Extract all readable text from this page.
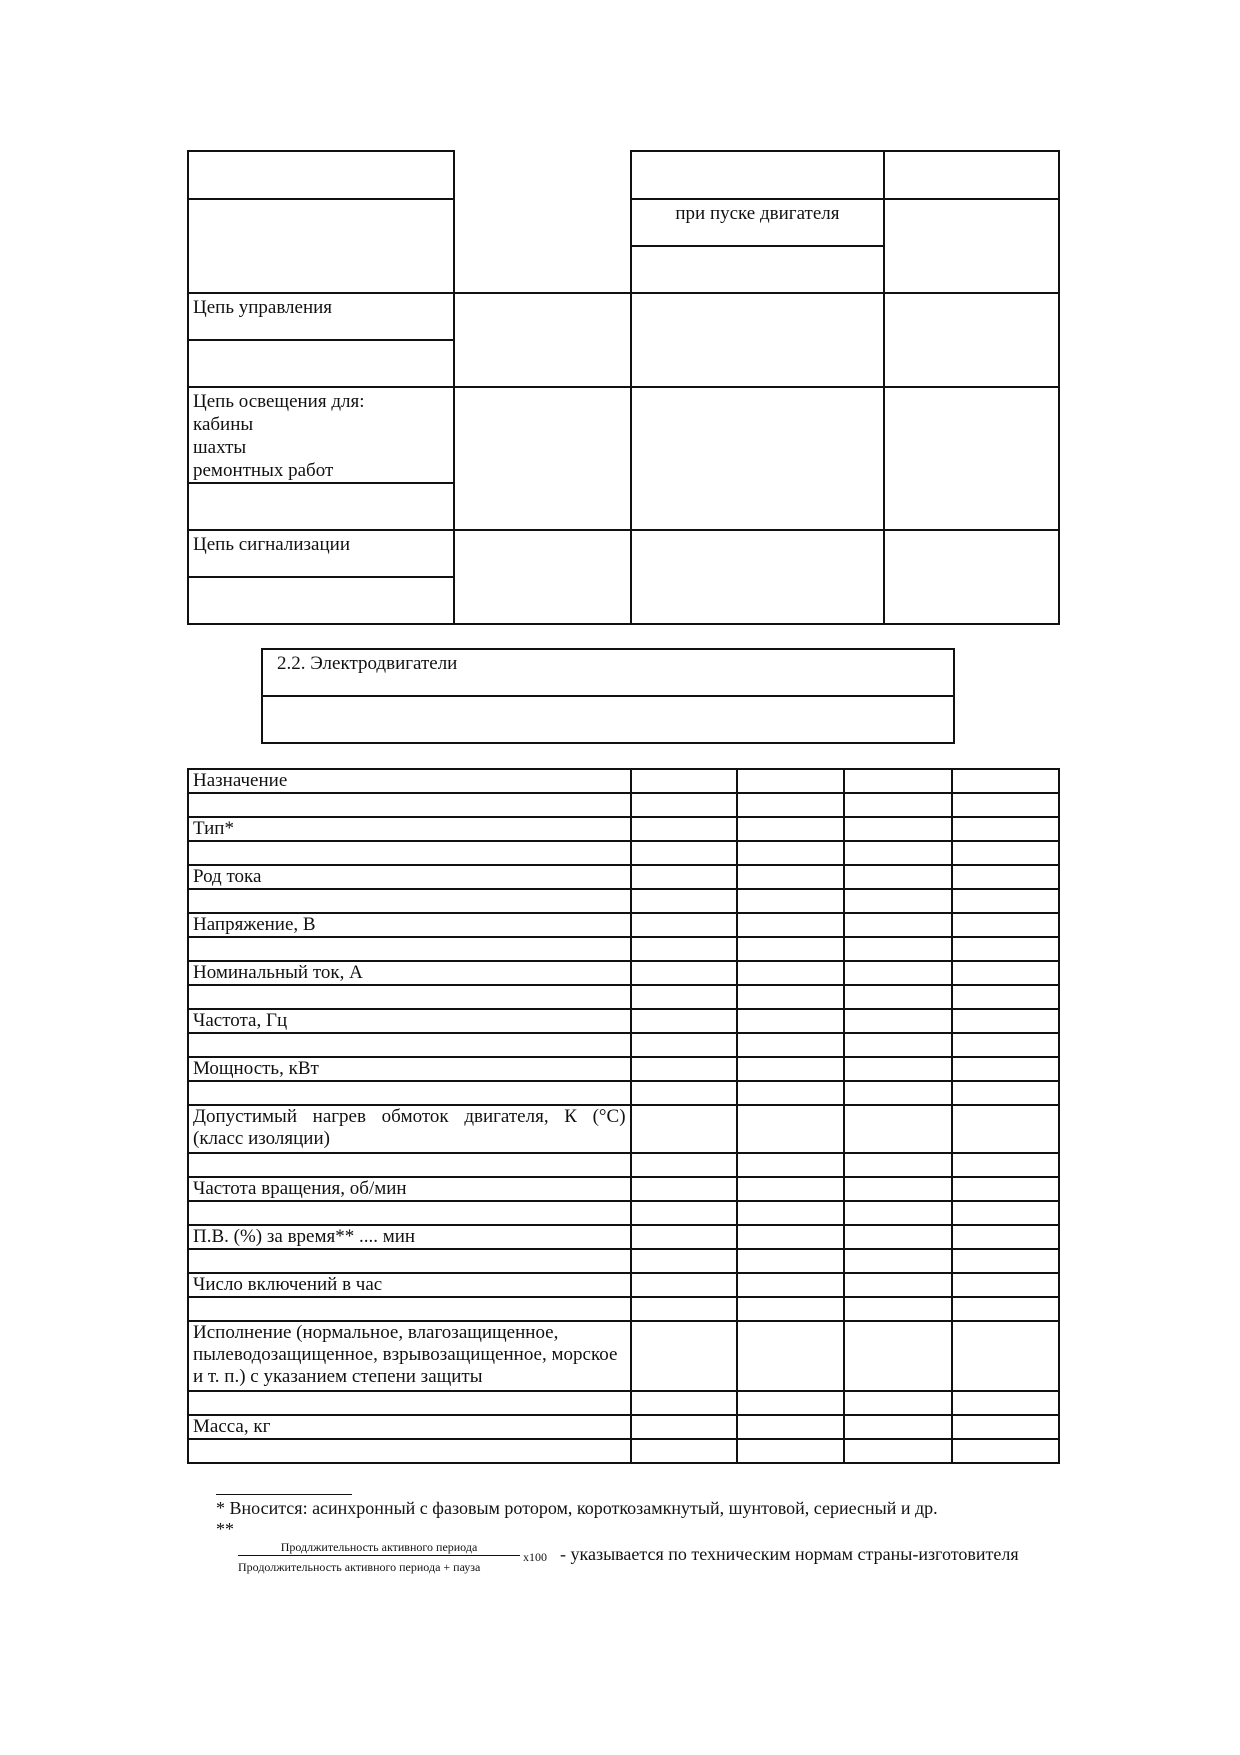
		при пуске двигателя	

Цепь управления			

Цепь освещения для:
кабины
шахты
ремонтных работ			

Цепь сигнализации			

2.2. Электродвигатели

Назначение				

Тип*				

Род тока				

Напряжение, В				

Номинальный ток, А				

Частота, Гц				

Мощность, кВт				

Допустимый нагрев обмоток двигателя, К (°С) (класс изоляции)				

Частота вращения, об/мин				

П.В. (%) за время** .... мин				

Число включений в час				

Исполнение (нормальное, влагозащищенное, пылеводозащищенное, взрывозащищенное, морское и т. п.) с указанием степени защиты				

Масса, кг				

* Вносится: асинхронный с фазовым ротором, короткозамкнутый, шунтовой, сериесный и др.
**
Продлжительность активного периода
Продолжительность активного периода + пауза
х100 - указывается по техническим нормам страны-изготовителя
